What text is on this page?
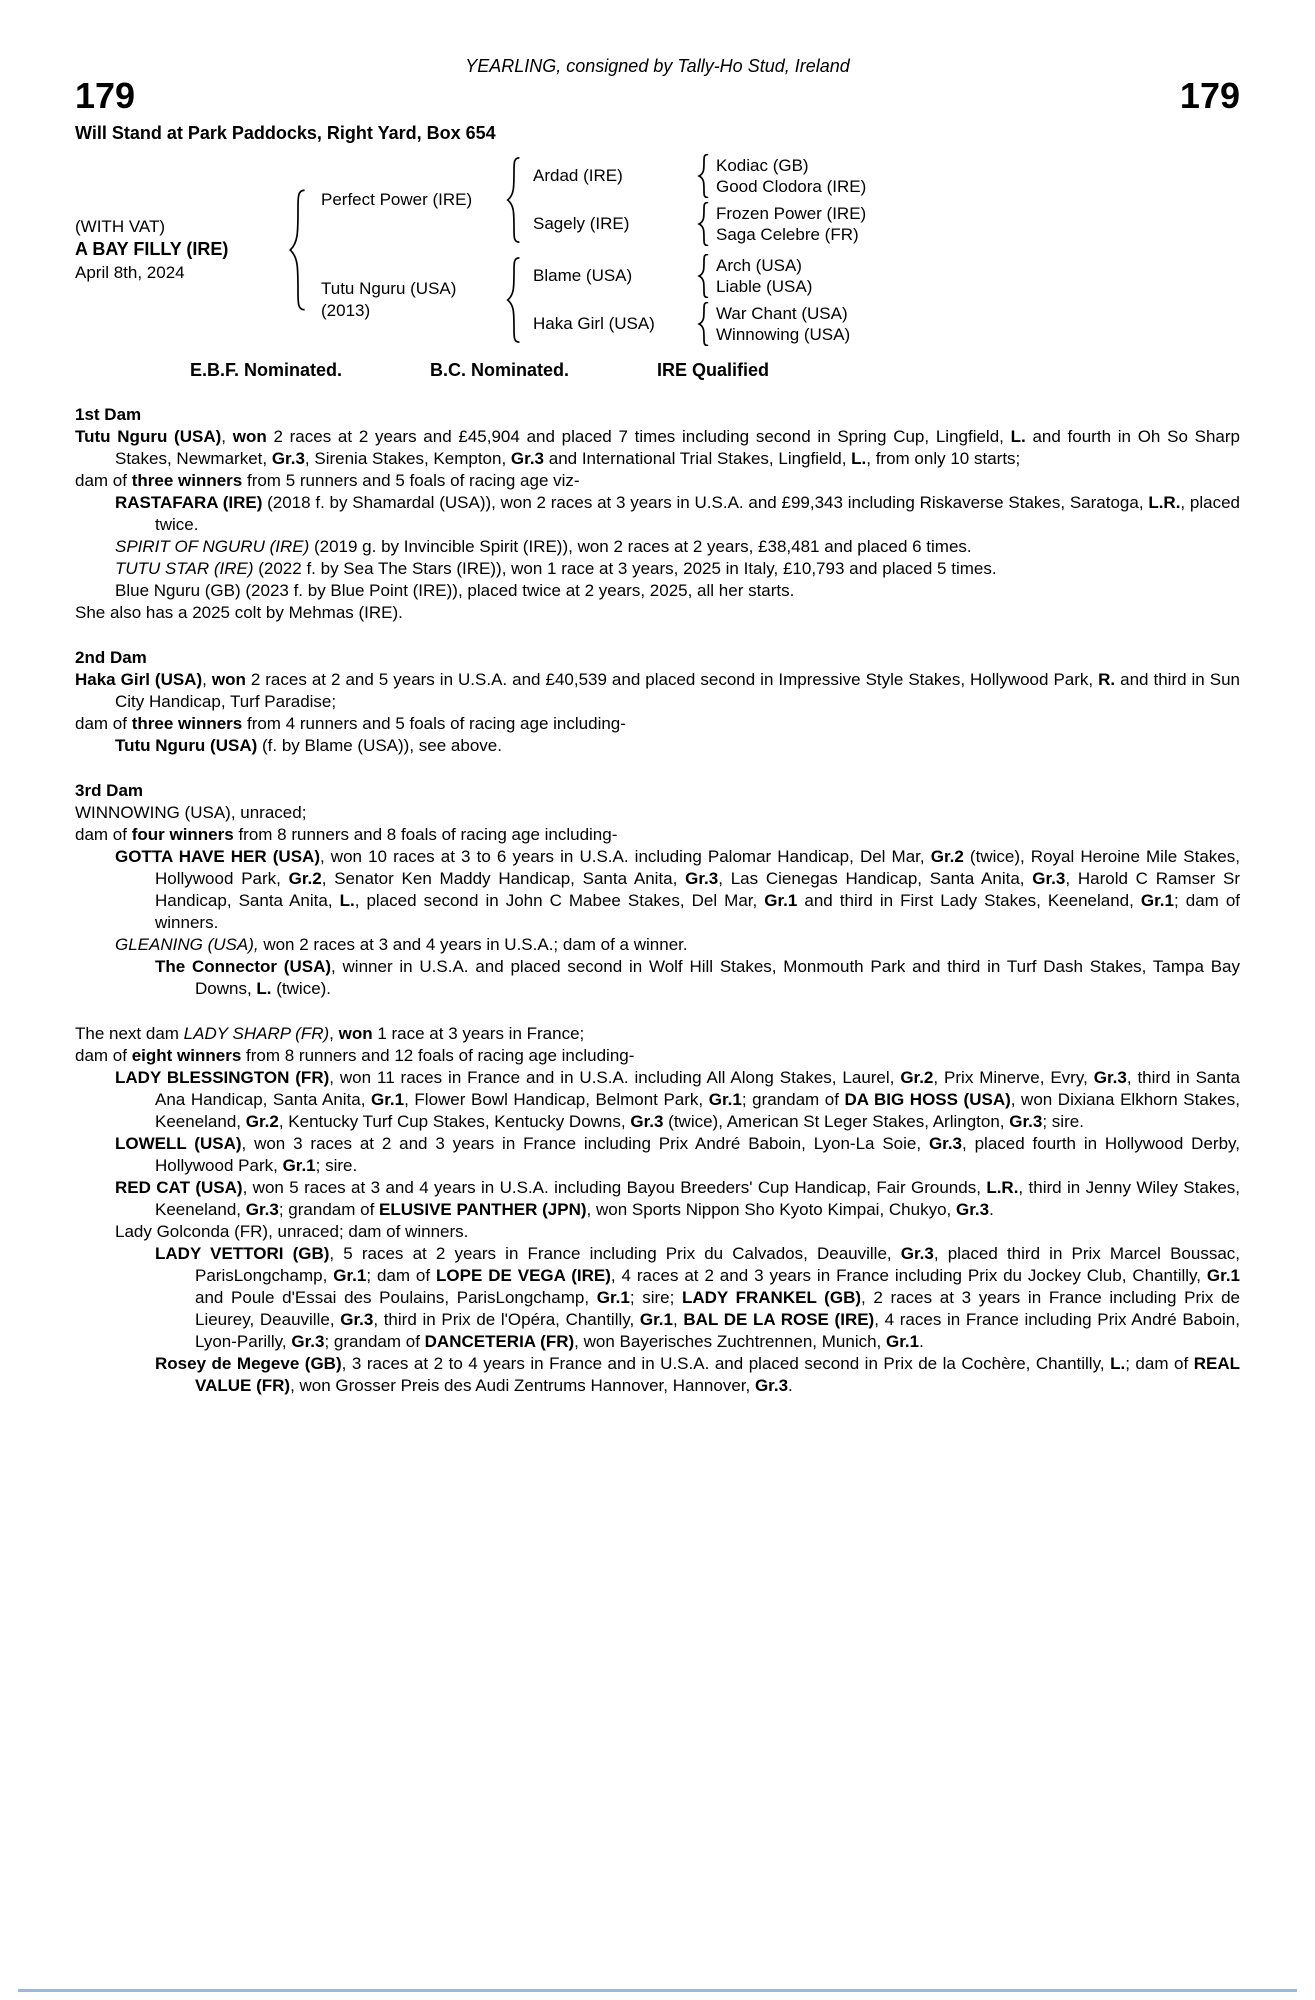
YEARLING, consigned by Tally-Ho Stud, Ireland
179	179
Will Stand at Park Paddocks, Right Yard, Box 654
(WITH VAT)
A BAY FILLY (IRE)
April 8th, 2024
Perfect Power (IRE)
Ardad (IRE)
Kodiac (GB)
Good Clodora (IRE)
Sagely (IRE)
Frozen Power (IRE)
Saga Celebre (FR)
Tutu Nguru (USA)
(2013)
Blame (USA)
Arch (USA)
Liable (USA)
Haka Girl (USA)
War Chant (USA)
Winnowing (USA)
E.B.F. Nominated.	B.C. Nominated.	IRE Qualified
1st Dam
Tutu Nguru (USA), won 2 races at 2 years and £45,904 and placed 7 times including second in Spring Cup, Lingfield, L. and fourth in Oh So Sharp Stakes, Newmarket, Gr.3, Sirenia Stakes, Kempton, Gr.3 and International Trial Stakes, Lingfield, L., from only 10 starts;
dam of three winners from 5 runners and 5 foals of racing age viz-
RASTAFARA (IRE) (2018 f. by Shamardal (USA)), won 2 races at 3 years in U.S.A. and £99,343 including Riskaverse Stakes, Saratoga, L.R., placed twice.
SPIRIT OF NGURU (IRE) (2019 g. by Invincible Spirit (IRE)), won 2 races at 2 years, £38,481 and placed 6 times.
TUTU STAR (IRE) (2022 f. by Sea The Stars (IRE)), won 1 race at 3 years, 2025 in Italy, £10,793 and placed 5 times.
Blue Nguru (GB) (2023 f. by Blue Point (IRE)), placed twice at 2 years, 2025, all her starts.
She also has a 2025 colt by Mehmas (IRE).
2nd Dam
Haka Girl (USA), won 2 races at 2 and 5 years in U.S.A. and £40,539 and placed second in Impressive Style Stakes, Hollywood Park, R. and third in Sun City Handicap, Turf Paradise;
dam of three winners from 4 runners and 5 foals of racing age including-
Tutu Nguru (USA) (f. by Blame (USA)), see above.
3rd Dam
WINNOWING (USA), unraced;
dam of four winners from 8 runners and 8 foals of racing age including-
GOTTA HAVE HER (USA), won 10 races at 3 to 6 years in U.S.A. including Palomar Handicap, Del Mar, Gr.2 (twice), Royal Heroine Mile Stakes, Hollywood Park, Gr.2, Senator Ken Maddy Handicap, Santa Anita, Gr.3, Las Cienegas Handicap, Santa Anita, Gr.3, Harold C Ramser Sr Handicap, Santa Anita, L., placed second in John C Mabee Stakes, Del Mar, Gr.1 and third in First Lady Stakes, Keeneland, Gr.1; dam of winners.
GLEANING (USA), won 2 races at 3 and 4 years in U.S.A.; dam of a winner.
The Connector (USA), winner in U.S.A. and placed second in Wolf Hill Stakes, Monmouth Park and third in Turf Dash Stakes, Tampa Bay Downs, L. (twice).
The next dam LADY SHARP (FR), won 1 race at 3 years in France;
dam of eight winners from 8 runners and 12 foals of racing age including-
LADY BLESSINGTON (FR), won 11 races in France and in U.S.A. including All Along Stakes, Laurel, Gr.2, Prix Minerve, Evry, Gr.3, third in Santa Ana Handicap, Santa Anita, Gr.1, Flower Bowl Handicap, Belmont Park, Gr.1; grandam of DA BIG HOSS (USA), won Dixiana Elkhorn Stakes, Keeneland, Gr.2, Kentucky Turf Cup Stakes, Kentucky Downs, Gr.3 (twice), American St Leger Stakes, Arlington, Gr.3; sire.
LOWELL (USA), won 3 races at 2 and 3 years in France including Prix André Baboin, Lyon-La Soie, Gr.3, placed fourth in Hollywood Derby, Hollywood Park, Gr.1; sire.
RED CAT (USA), won 5 races at 3 and 4 years in U.S.A. including Bayou Breeders' Cup Handicap, Fair Grounds, L.R., third in Jenny Wiley Stakes, Keeneland, Gr.3; grandam of ELUSIVE PANTHER (JPN), won Sports Nippon Sho Kyoto Kimpai, Chukyo, Gr.3.
Lady Golconda (FR), unraced; dam of winners.
LADY VETTORI (GB), 5 races at 2 years in France including Prix du Calvados, Deauville, Gr.3, placed third in Prix Marcel Boussac, ParisLongchamp, Gr.1; dam of LOPE DE VEGA (IRE), 4 races at 2 and 3 years in France including Prix du Jockey Club, Chantilly, Gr.1 and Poule d'Essai des Poulains, ParisLongchamp, Gr.1; sire; LADY FRANKEL (GB), 2 races at 3 years in France including Prix de Lieurey, Deauville, Gr.3, third in Prix de l'Opéra, Chantilly, Gr.1, BAL DE LA ROSE (IRE), 4 races in France including Prix André Baboin, Lyon-Parilly, Gr.3; grandam of DANCETERIA (FR), won Bayerisches Zuchtrennen, Munich, Gr.1.
Rosey de Megeve (GB), 3 races at 2 to 4 years in France and in U.S.A. and placed second in Prix de la Cochère, Chantilly, L.; dam of REAL VALUE (FR), won Grosser Preis des Audi Zentrums Hannover, Hannover, Gr.3.
